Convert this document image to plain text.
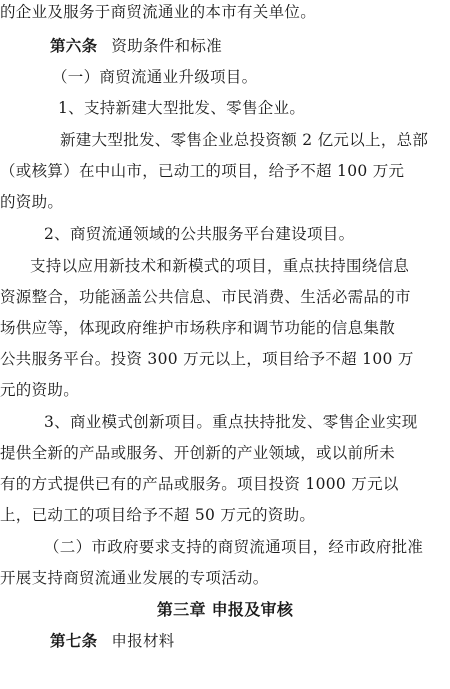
的企业及服务于商贸流通业的本市有关单位。
第六条 资助条件和标准
（一）商贸流通业升级项目。
1、支持新建大型批发、零售企业。
新建大型批发、零售企业总投资额 2 亿元以上，总部
（或核算）在中山市，已动工的项目，给予不超 100 万元
的资助。
2、商贸流通领域的公共服务平台建设项目。
支持以应用新技术和新模式的项目，重点扶持围绕信息
资源整合，功能涵盖公共信息、市民消费、生活必需品的市
场供应等，体现政府维护市场秩序和调节功能的信息集散
公共服务平台。投资 300 万元以上，项目给予不超 100 万
元的资助。
3、商业模式创新项目。重点扶持批发、零售企业实现
提供全新的产品或服务、开创新的产业领域，或以前所未
有的方式提供已有的产品或服务。项目投资 1000 万元以
上，已动工的项目给予不超 50 万元的资助。
（二）市政府要求支持的商贸流通项目，经市政府批准
开展支持商贸流通业发展的专项活动。
第三章 申报及审核
第七条 申报材料
